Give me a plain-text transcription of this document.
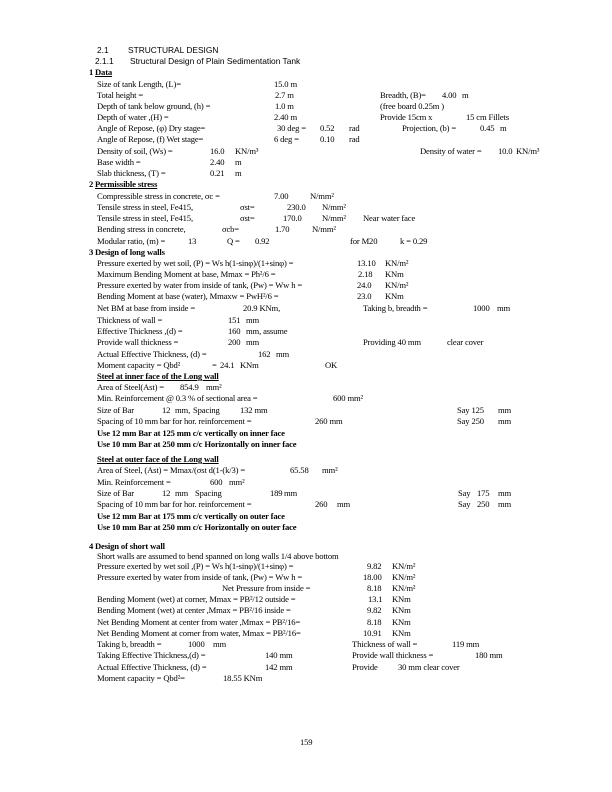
2.1 STRUCTURAL DESIGN
2.1.1 Structural Design of Plain Sedimentation Tank
1 Data
Size of tank Length, (L)=	15.0 m
Total height =	2.7 m	Breadth, (B)= 4.00 m
Depth of tank below ground, (h) =	1.0 m	(free board 0.25m )
Depth of water ,(H) =	2.40 m	Provide 15cm x	15 cm Fillets
Angle of Repose, (φ) Dry stage=	30 deg = 0.52 rad	Projection, (b) =	0.45 m
Angle of Repose, (f) Wet stage=	6 deg = 0.10 rad
Density of soil, (Ws) =	16.0 KN/m³	Density of water = 10.0 KN/m³
Base width =	2.40 m
Slab thickness, (T) =	0.21 m
2 Permissible stress
Compressible stress in concrete, σc =	7.00	N/mm²
Tensile stress in steel, Fe415,	σst=	230.0 N/mm²
Tensile stress in steel, Fe415,	σst=	170.0 N/mm² Near water face
Bending stress in concrete,	σcb=	1.70	N/mm²
Modular ratio, (m) =	13	Q = 0.92	for M20	k = 0.29
3 Design of long walls
Pressure exerted by wet soil, (P) = Ws h(1-sinφ)/(1+sinφ) =	13.10 KN/m²
Maximum Bending Moment at base, Mmax = Ph²/6 =	2.18 KNm
Pressure exerted by water from inside of tank, (Pw) = Ww h =	24.0 KN/m²
Bending Moment at base (water), Mmaxw = PwH²/6 =	23.0 KNm
Net BM at base from inside =	20.9 KNm,	Taking b, breadth =	1000 mm
Thickness of wall =	151 mm
Effective Thickness ,(d) =	160 mm, assume
Provide wall thickness =	200 mm	Providing 40 mm	clear cover
Actual Effective Thickness, (d) =	162 mm
Moment capacity = Qbd²	= 24.1 KNm	OK
Steel at inner face of the Long wall
Area of Steel(Ast) = 854.9 mm²
Min. Reinforcement @ 0.3 % of sectional area =	600 mm²
Size of Bar	12 mm, Spacing 132 mm	Say 125 mm
Spacing of 10 mm bar for hor. reinforcement =	260 mm	Say 250 mm
Use 12 mm Bar at 125 mm c/c vertically on inner face
Use 10 mm Bar at 250 mm c/c Horizontally on inner face
Steel at outer face of the Long wall
Area of Steel, (Ast) = Mmax/(σst d(1-(k/3) =	65.58 mm²
Min. Reinforcement =	600 mm²
Size of Bar	12 mm Spacing	189 mm	Say 175 mm
Spacing of 10 mm bar for hor. reinforcement =	260 mm	Say 250 mm
Use 12 mm Bar at 175 mm c/c vertically on outer face
Use 10 mm Bar at 250 mm c/c Horizontally on outer face
4 Design of short wall
Short walls are assumed to bend spanned on long walls 1/4 above bottom
Pressure exerted by wet soil ,(P) = Ws h(1-sinφ)/(1+sinφ) =	9.82 KN/m²
Pressure exerted by water from inside of tank, (Pw) = Ww h =	18.00 KN/m²
Net Pressure from inside =	8.18 KN/m²
Bending Moment (wet) at corner, Mmax = PB²/12 outside =	13.1 KNm
Bending Moment (wet) at center ,Mmax = PB²/16 inside =	9.82 KNm
Net Bending Moment at center from water ,Mmax = PB²/16=	8.18 KNm
Net Bending Moment at corner from water, Mmax = PB²/16=	10.91 KNm
Taking b, breadth =	1000 mm	Thickness of wall =	119 mm
Taking Effective Thickness,(d) =	140 mm	Provide wall thickness =	180 mm
Actual Effective Thickness, (d) =	142 mm	Provide 30 mm clear cover
Moment capacity = Qbd²=	18.55 KNm
159
